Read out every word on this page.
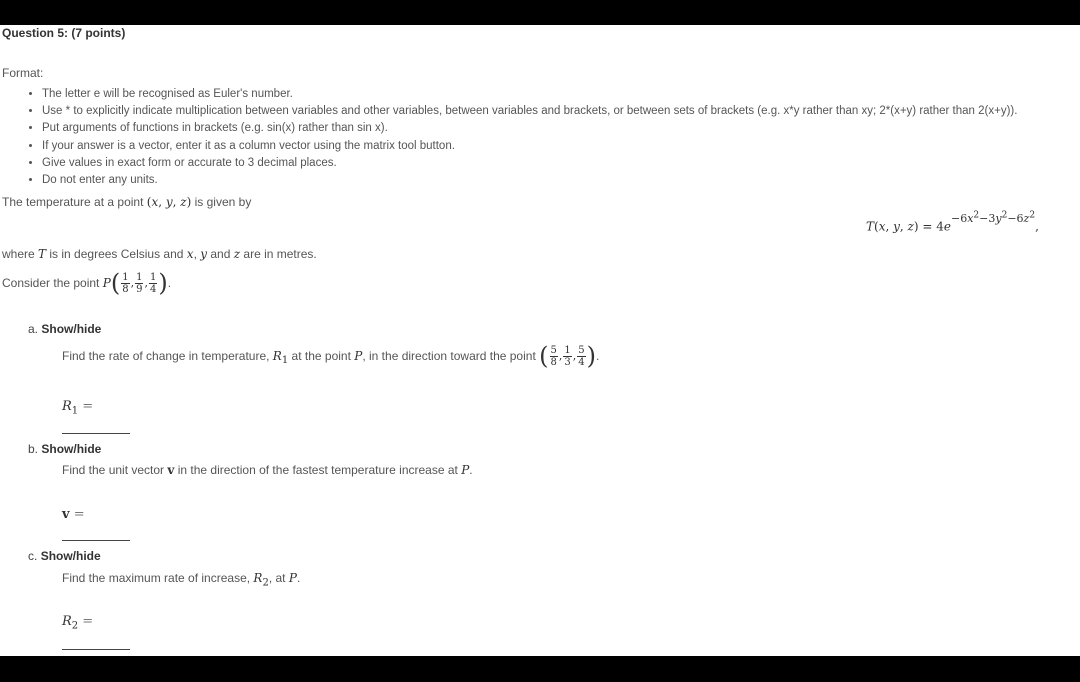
Question 5: (7 points)
Format:
• The letter e will be recognised as Euler's number.
• Use * to explicitly indicate multiplication between variables and other variables, between variables and brackets, or between sets of brackets (e.g. x*y rather than xy; 2*(x+y) rather than 2(x+y)).
• Put arguments of functions in brackets (e.g. sin(x) rather than sin x).
• If your answer is a vector, enter it as a column vector using the matrix tool button.
• Give values in exact form or accurate to 3 decimal places.
• Do not enter any units.
The temperature at a point (x, y, z) is given by
T(x, y, $z) = 4e^{-6x^2-3y^2-6z^2}$,
where T is in degrees Celsius and x, y and z are in metres.
Consider the point $P( \frac{1}{8}$ , $\frac{1}{9}$ , $\frac{1}{4}$ ).
a. Show/hide
Find the rate of change in temperature, $R_1$ at the point P, in the direction toward the point ( $\frac{5}{8}$ , $\frac{1}{3}$ , $\frac{5}{4}$ ).
$R_1$ =
b. Show/hide
Find the unit vector v in the direction of the fastest temperature increase at P.
v =
c. Show/hide
Find the maximum rate of increase, $R_2$, at P.
$R_2$ =
